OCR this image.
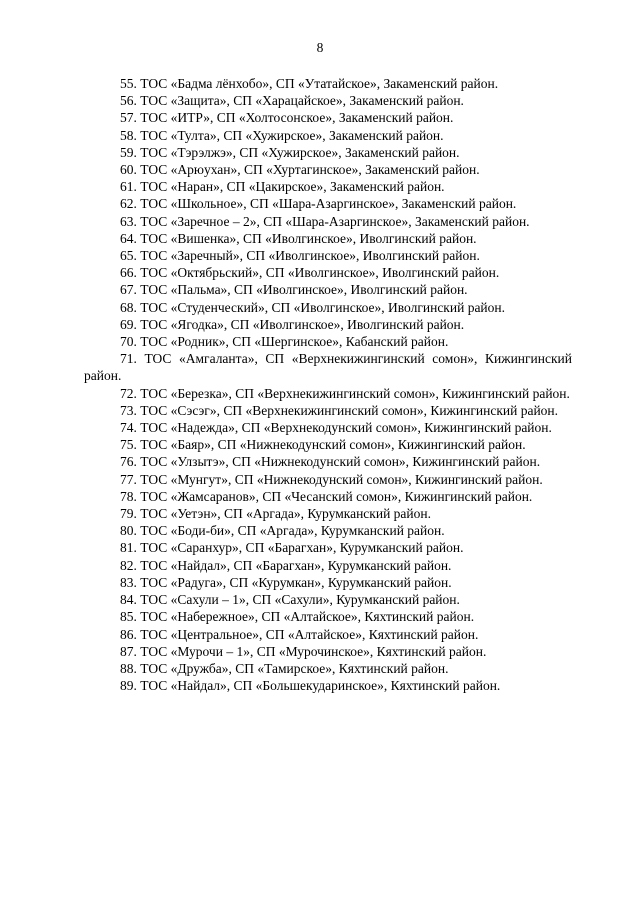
8
55. ТОС «Бадма лёнхобо», СП «Утатайское», Закаменский район.
56. ТОС «Защита», СП «Харацайское», Закаменский район.
57. ТОС «ИТР», СП «Холтосонское», Закаменский район.
58. ТОС «Тулта», СП «Хужирское», Закаменский район.
59. ТОС «Тэрэлжэ», СП «Хужирское», Закаменский район.
60. ТОС «Арюухан», СП «Хуртагинское», Закаменский район.
61. ТОС «Наран», СП «Цакирское», Закаменский район.
62. ТОС «Школьное», СП «Шара-Азаргинское», Закаменский район.
63. ТОС «Заречное – 2», СП «Шара-Азаргинское», Закаменский район.
64. ТОС «Вишенка», СП «Иволгинское», Иволгинский район.
65. ТОС «Заречный», СП «Иволгинское», Иволгинский район.
66. ТОС «Октябрьский», СП «Иволгинское», Иволгинский район.
67. ТОС «Пальма», СП «Иволгинское», Иволгинский район.
68. ТОС «Студенческий», СП «Иволгинское», Иволгинский район.
69. ТОС «Ягодка», СП «Иволгинское», Иволгинский район.
70. ТОС «Родник», СП «Шергинское», Кабанский район.
71. ТОС «Амгаланта», СП «Верхнекижингинский сомон», Кижингинский район.
72. ТОС «Березка», СП «Верхнекижингинский сомон», Кижингинский район.
73. ТОС «Сэсэг», СП «Верхнекижингинский сомон», Кижингинский район.
74. ТОС «Надежда», СП «Верхнекодунский сомон», Кижингинский район.
75. ТОС «Баяр», СП «Нижнекодунский сомон», Кижингинский район.
76. ТОС «Улзытэ», СП «Нижнекодунский сомон», Кижингинский район.
77. ТОС «Мунгут», СП «Нижнекодунский сомон», Кижингинский район.
78. ТОС «Жамсаранов», СП «Чесанский сомон», Кижингинский район.
79. ТОС «Уетэн», СП «Аргада», Курумканский район.
80. ТОС «Боди-би», СП «Аргада», Курумканский район.
81. ТОС «Саранхур», СП «Барагхан», Курумканский район.
82. ТОС «Найдал», СП «Барагхан», Курумканский район.
83. ТОС «Радуга», СП «Курумкан», Курумканский район.
84. ТОС «Сахули – 1», СП «Сахули», Курумканский район.
85. ТОС «Набережное», СП «Алтайское», Кяхтинский район.
86. ТОС «Центральное», СП «Алтайское», Кяхтинский район.
87. ТОС «Мурочи – 1», СП «Мурочинское», Кяхтинский район.
88. ТОС «Дружба», СП «Тамирское», Кяхтинский район.
89. ТОС «Найдал», СП «Большекударинское», Кяхтинский район.
